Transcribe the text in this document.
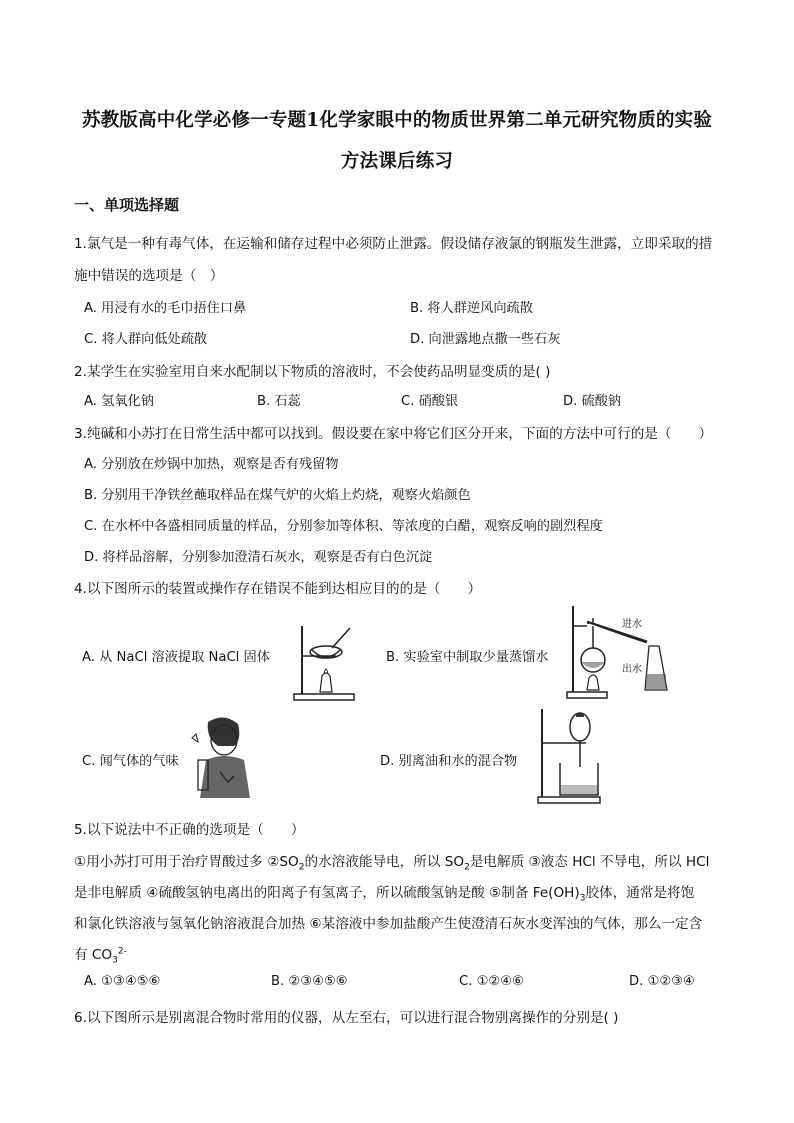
苏教版高中化学必修一专题1化学家眼中的物质世界第二单元研究物质的实验
方法课后练习
一、单项选择题
1.氯气是一种有毒气体，在运输和储存过程中必须防止泄露。假设储存液氯的钢瓶发生泄露，立即采取的措
施中错误的选项是（　）
A. 用浸有水的毛巾捂住口鼻	B. 将人群逆风向疏散
C. 将人群向低处疏散	D. 向泄露地点撒一些石灰
2.某学生在实验室用自来水配制以下物质的溶液时，不会使药品明显变质的是( )
A. 氢氧化钠	B. 石蕊	C. 硝酸银	D. 硫酸钠
3.纯碱和小苏打在日常生活中都可以找到。假设要在家中将它们区分开来，下面的方法中可行的是（　　）
A. 分别放在炒锅中加热，观察是否有残留物
B. 分别用干净铁丝蘸取样品在煤气炉的火焰上灼烧，观察火焰颜色
C. 在水杯中各盛相同质量的样品，分别参加等体积、等浓度的白醋，观察反响的剧烈程度
D. 将样品溶解，分别参加澄清石灰水，观察是否有白色沉淀
4.以下图所示的装置或操作存在错误不能到达相应目的的是（　　）
A. 从 NaCl 溶液提取 NaCl 固体	B. 实验室中制取少量蒸馏水
C. 闻气体的气味	D. 别离油和水的混合物
进水
出水
5.以下说法中不正确的选项是（　　）
①用小苏打可用于治疗胃酸过多 $②SO_2$的水溶液能导电，所以 $SO_2$是电解质 ③液态 HCl 不导电，所以 HCl
是非电解质 ④硫酸氢钠电离出的阳离子有氢离子，所以硫酸氢钠是酸 ⑤制备 $Fe(OH)_3$胶体，通常是将饱
和氯化铁溶液与氢氧化钠溶液混合加热 ⑥某溶液中参加盐酸产生使澄清石灰水变浑浊的气体，那么一定含
有 $CO_3^{2-}$
A. ①③④⑤⑥	B. ②③④⑤⑥	C. ①②④⑥	D. ①②③④
6.以下图所示是别离混合物时常用的仪器，从左至右，可以进行混合物别离操作的分别是( )
